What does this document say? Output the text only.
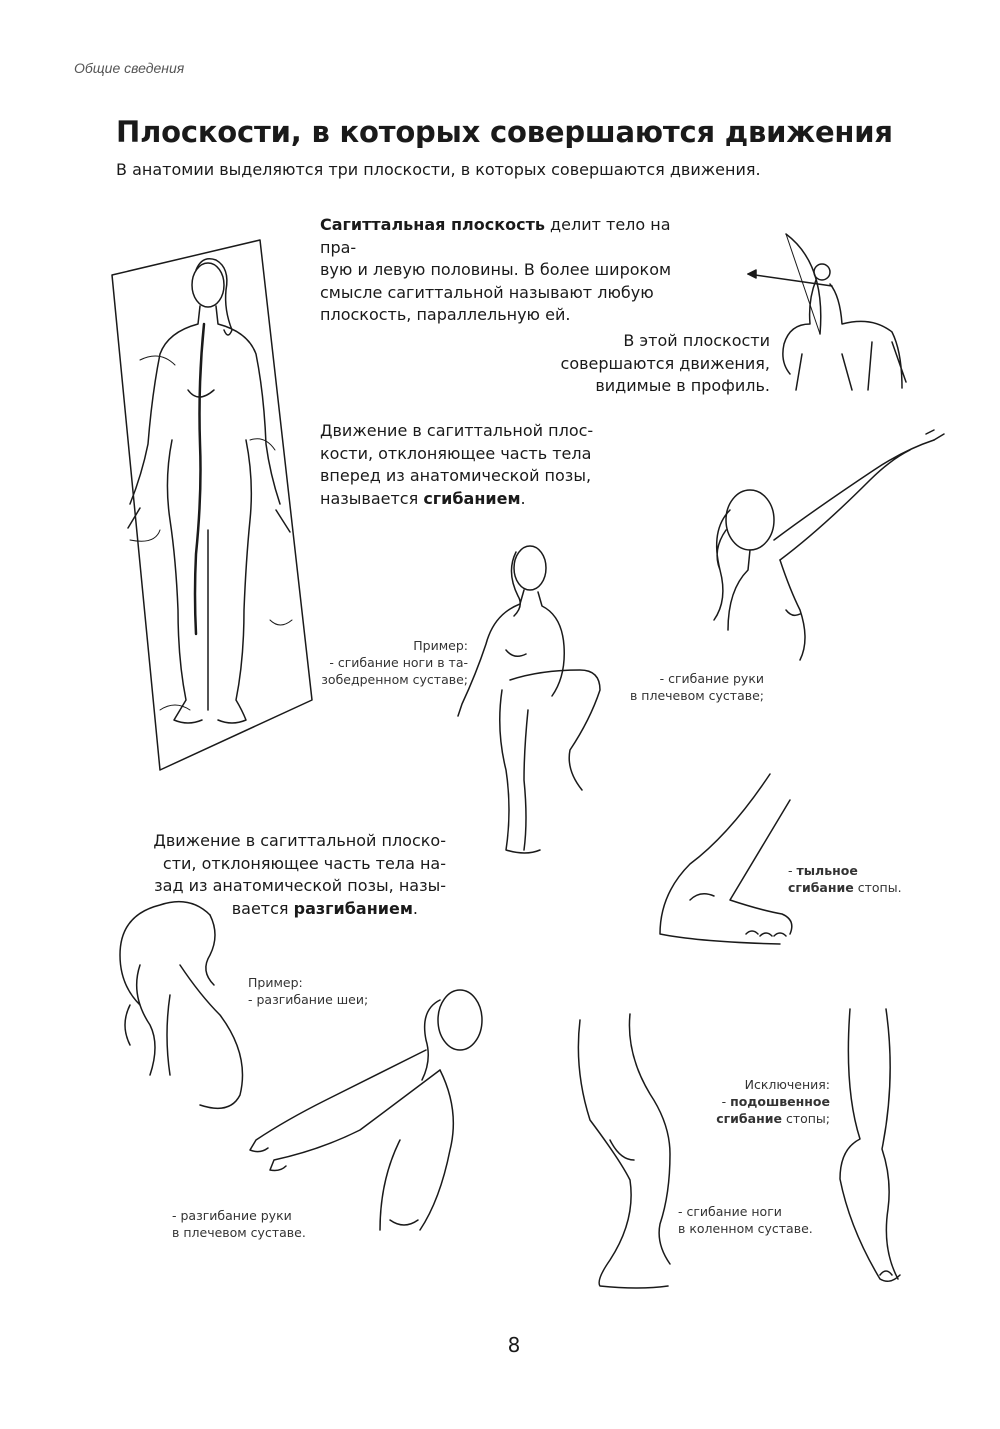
Общие сведения
Плоскости, в которых совершаются движения
В анатомии выделяются три плоскости, в которых совершаются движения.

Сагиттальная плоскость делит тело на пра-

вую и левую половины. В более широком

смысле сагиттальной называют любую

плоскость, параллельную ей.

В этой плоскости

совершаются движения,

видимые в профиль.

Движение в сагиттальной плос-

кости, отклоняющее часть тела

вперед из анатомической позы,

называется сгибанием.

Пример:

- сгибание ноги в та-

зобедренном суставе;	- сгибание руки

в плечевом суставе;

- тыльное

сгибание стопы.

Движение в сагиттальной плоско-

сти, отклоняющее часть тела на-

зад из анатомической позы, назы-

вается разгибанием.

Пример:

- разгибание шеи;

- разгибание руки

в плечевом суставе.

- сгибание ноги

в коленном суставе.

Исключения:

- подошвенное

сгибание стопы;

8
